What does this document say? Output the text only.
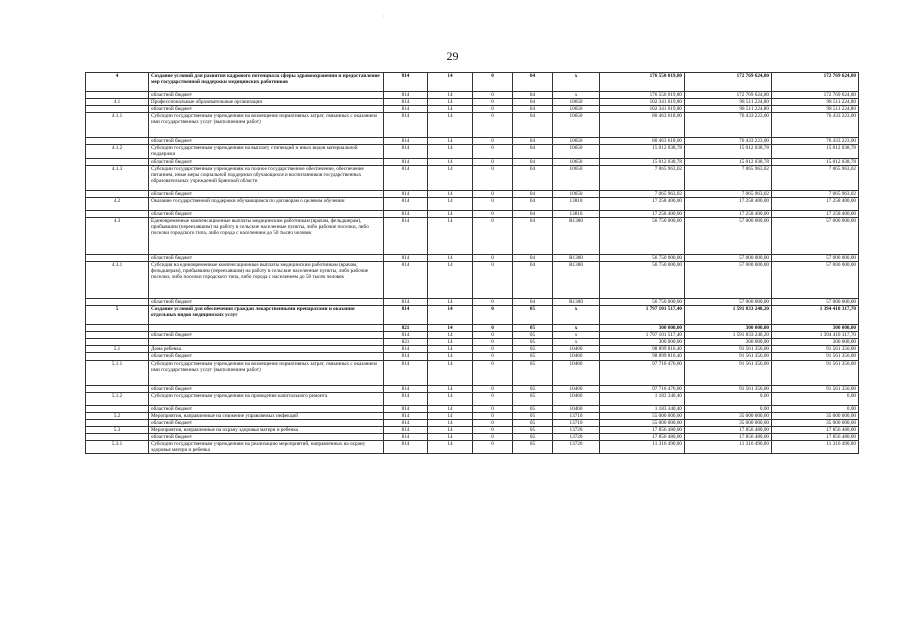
29
4	Создание условий для развития кадрового потенциала сферы здравоохранения и предоставление мер государственной поддержки медицинских работников	814	14	0	04	x	176 550 019,80	172 769 624,80	172 769 624,80
	областной бюджет	814	14	0	04	x	176 550 019,80	172 769 624,80	172 769 624,80
4.1	Профессиональные образовательные организации	814	14	0	04	10650	102 341 619,80	98 511 224,80	98 511 224,80
	областной бюджет	814	14	0	04	10650	102 341 619,80	98 511 224,80	98 511 224,80
4.1.1	Субсидии государственным учреждениям на возмещение нормативных затрат, связанных с оказанием ими государственных услуг (выполнением работ)	814	14	0	04	10650	80 463 618,00	76 433 223,00	76 433 223,00
	областной бюджет	814	14	0	04	10650	80 463 618,00	76 433 223,00	76 433 223,00
4.1.2	Субсидии государственным учреждениям на выплату стипендий и иных видов материальной поддержки	814	14	0	04	10650	15 012 038,78	15 012 038,78	15 012 038,78
	областной бюджет	814	14	0	04	10650	15 012 038,78	15 012 038,78	15 012 038,78
4.1.3	Субсидии государственным учреждениям на полное государственное обеспечение, обеспечение питанием, иные меры социальной поддержки обучающихся и воспитанников государственных образовательных учреждений Брянской области	814	14	0	04	10650	7 065 963,02	7 065 963,02	7 065 963,02
	областной бюджет	814	14	0	04	10650	7 065 963,02	7 065 963,02	7 065 963,02
4.2	Оказание государственной поддержки обучающимся по договорам о целевом обучении	814	14	0	04	13810	17 258 400,00	17 258 400,00	17 258 400,00
	областной бюджет	814	14	0	04	13810	17 258 400,00	17 258 400,00	17 258 400,00
4.3	Единовременные компенсационные выплаты медицинским работникам (врачам, фельдшерам), прибывшим (переехавшим) на работу в сельские населенные пункты, либо рабочие поселки, либо поселки городского типа, либо города с населением до 50 тысяч человек	814	14	0	04	R1380	56 750 000,00	57 000 000,00	57 000 000,00
	областной бюджет	814	14	0	04	R1380	56 750 000,00	57 000 000,00	57 000 000,00
4.3.1	Субсидия на единовременные компенсационные выплаты медицинским работникам (врачам, фельдшерам), прибывшим (переехавшим) на работу в сельские населенные пункты, либо рабочие поселки, либо поселки городского типа, либо города с населением до 50 тысяч человек	814	14	0	04	R1380	56 750 000,00	57 000 000,00	57 000 000,00
	областной бюджет	814	14	0	04	R1380	56 750 000,00	57 000 000,00	57 000 000,00
5	Создание условий для обеспечения граждан лекарственными препаратами и оказания отдельных видов медицинских услуг	814	14	0	05	x	1 797 101 517,40	1 591 833 240,20	1 394 410 317,70
		821	14	0	05	x	300 000,00	300 000,00	300 000,00
	областной бюджет	814	14	0	05	x	1 797 101 517,40	1 591 833 240,20	1 394 410 317,70
		821	14	0	05	x	300 000,00	300 000,00	300 000,00
5.1	Дома ребенка	814	14	0	05	10460	98 899 816,40	91 561 356,00	91 561 356,00
	областной бюджет	814	14	0	05	10460	98 899 816,40	91 561 356,00	91 561 356,00
5.1.1	Субсидии государственным учреждениям на возмещение нормативных затрат, связанных с оказанием ими государственных услуг (выполнением работ)	814	14	0	05	10460	97 716 476,00	91 561 356,00	91 561 356,00
	областной бюджет	814	14	0	05	10460	97 716 476,00	91 561 356,00	91 561 356,00
5.1.2	Субсидии государственным учреждениям на проведение капитального ремонта	814	14	0	05	10460	1 183 340,40	0,00	0,00
	областной бюджет	814	14	0	05	10460	1 183 340,40	0,00	0,00
5.2	Мероприятия, направленные на снижение управляемых инфекций	814	14	0	05	13710	55 000 000,00	35 000 000,00	35 000 000,00
	областной бюджет	814	14	0	05	13710	55 000 000,00	35 000 000,00	35 000 000,00
5.3	Мероприятия, направленные на охрану здоровья матери и ребенка	814	14	0	05	13720	17 856 480,00	17 856 480,00	17 856 480,00
	областной бюджет	814	14	0	05	13720	17 856 480,00	17 856 480,00	17 856 480,00
5.3.1	Субсидии государственным учреждениям на реализацию мероприятий, направленных на охрану здоровья матери и ребенка	814	14	0	05	13720	11 316 490,00	11 316 490,00	11 316 490,00
˙
